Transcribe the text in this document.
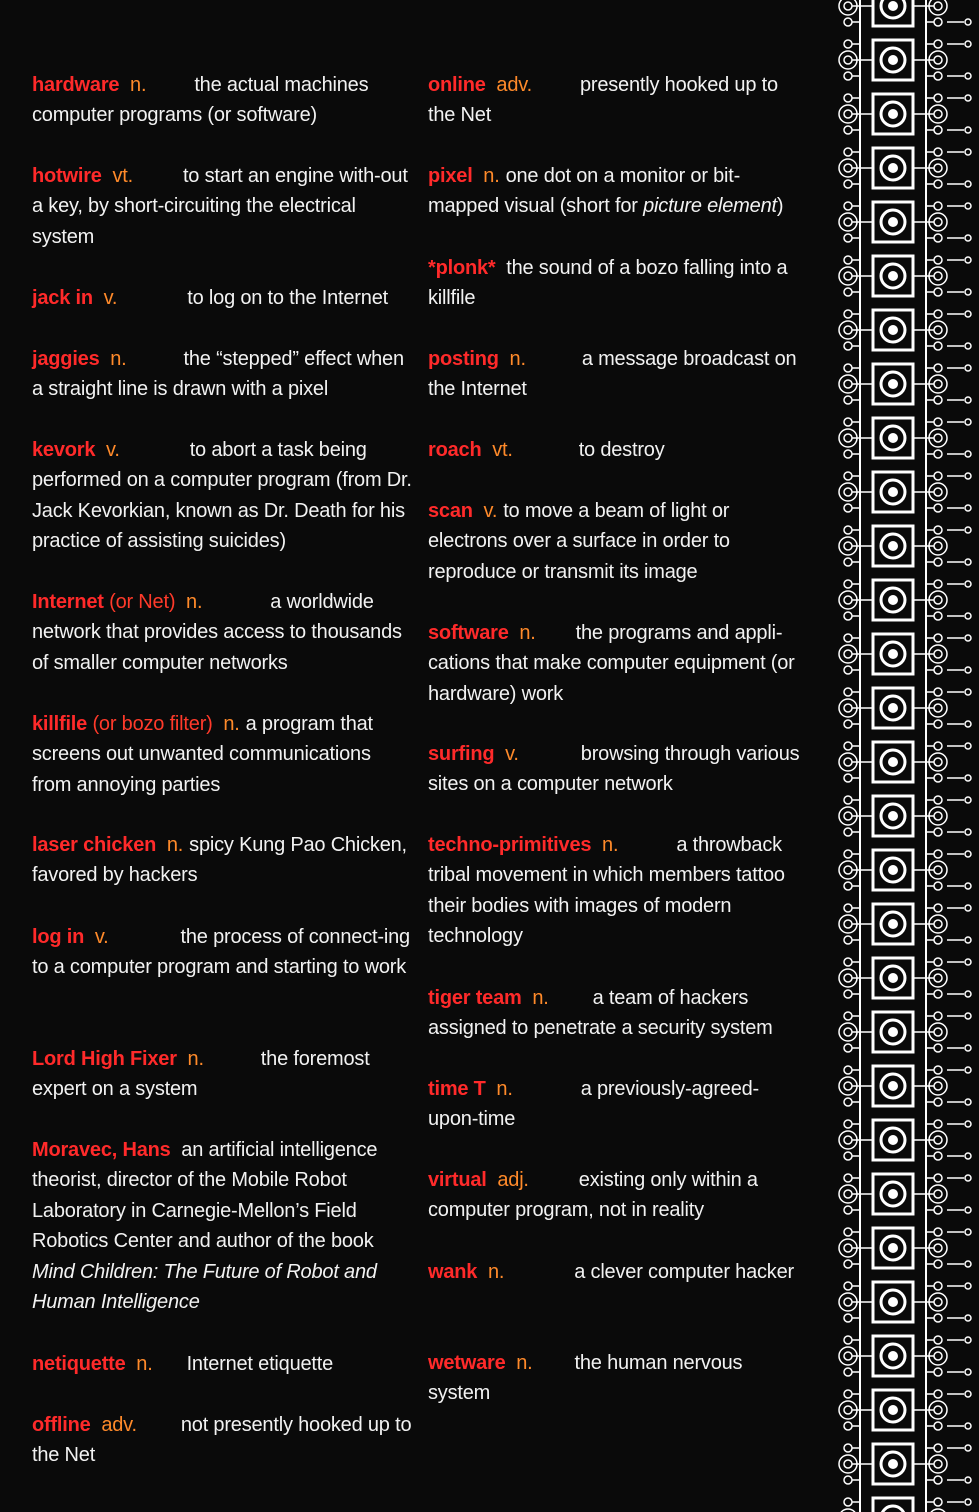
hardware n. the actual machines computer programs (or software)
hotwire vt.	to start an engine with-out a key, by short-circuiting the electrical system
jack in v.	to log on to the Internet
jaggies n.	the “stepped” effect when a straight line is drawn with a pixel
kevork v.	to abort a task being performed on a computer program (from Dr. Jack Kevorkian, known as Dr. Death for his practice of assisting suicides)
Internet (or Net) n.	a worldwide network that provides access to thousands of smaller computer networks
killfile (or bozo filter) n. a program that screens out unwanted communications from annoying parties
laser chicken n. spicy Kung Pao Chicken, favored by hackers
log in v.	the process of connect-ing to a computer program and starting to work
Lord High Fixer n.	the foremost expert on a system
Moravec, Hans an artificial intelligence theorist, director of the Mobile Robot Laboratory in Carnegie-Mellon’s Field Robotics Center and author of the book Mind Children: The Future of Robot and Human Intelligence
netiquette n. Internet etiquette
offline adv. not presently hooked up to the Net
online adv. presently hooked up to the Net
pixel n. one dot on a monitor or bit-mapped visual (short for picture element)
*plonk* the sound of a bozo falling into a killfile
posting n.	a message broadcast on the Internet
roach vt.	to destroy
scan v. to move a beam of light or electrons over a surface in order to reproduce or transmit its image
software n. the programs and appli-cations that make computer equipment (or hardware) work
surfing v.	browsing through various sites on a computer network
techno-primitives n.	a throwback tribal movement in which members tattoo their bodies with images of modern technology
tiger team n. a team of hackers assigned to penetrate a security system
time T n.	a previously-agreed-upon-time
virtual adj.	existing only within a computer program, not in reality
wank n.	a clever computer hacker
wetware n. the human nervous system
